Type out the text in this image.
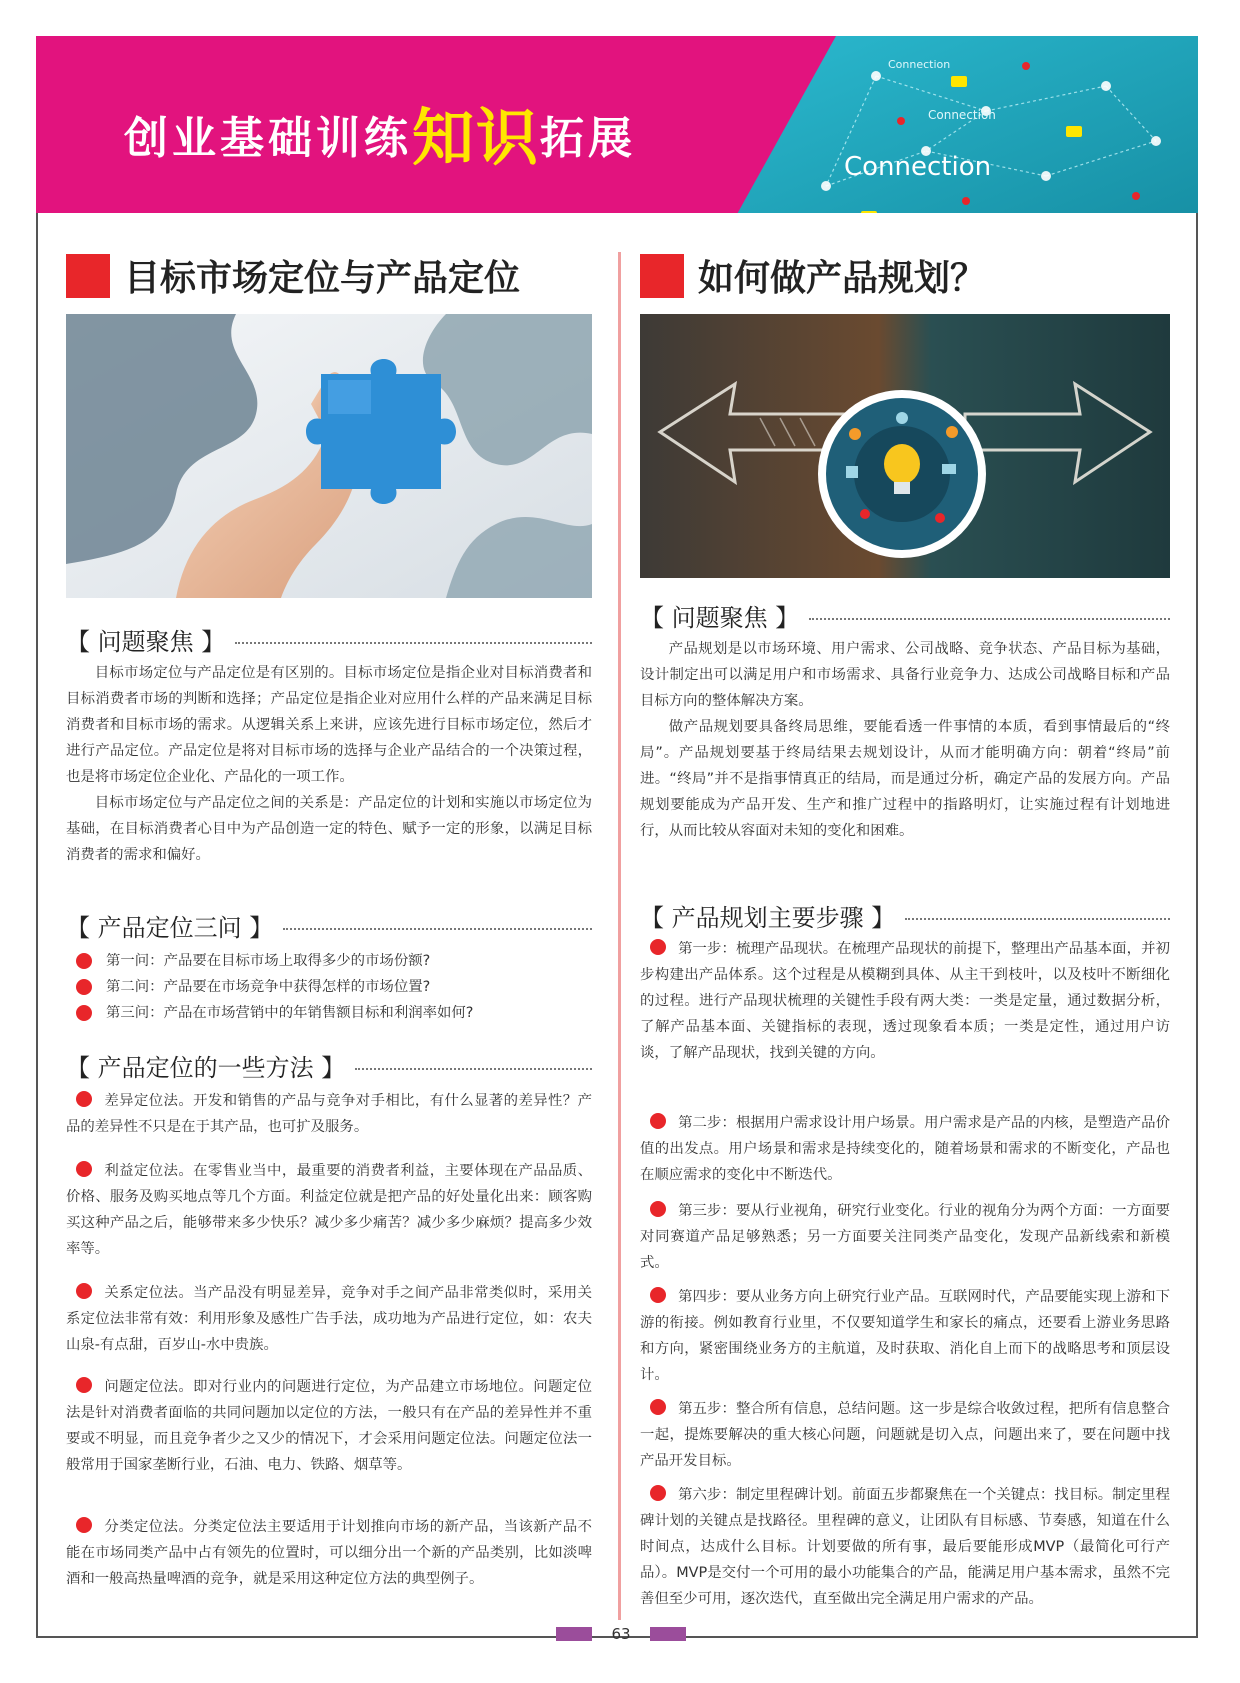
创业基础训练知识拓展
Connection
Connection
Connection
目标市场定位与产品定位
【 问题聚焦 】

目标市场定位与产品定位是有区别的。目标市场定位是指企业对目标消费者和目标消费者市场的判断和选择；产品定位是指企业对应用什么样的产品来满足目标消费者和目标市场的需求。从逻辑关系上来讲，应该先进行目标市场定位，然后才进行产品定位。产品定位是将对目标市场的选择与企业产品结合的一个决策过程，也是将市场定位企业化、产品化的一项工作。

目标市场定位与产品定位之间的关系是：产品定位的计划和实施以市场定位为基础，在目标消费者心目中为产品创造一定的特色、赋予一定的形象，以满足目标消费者的需求和偏好。

【 产品定位三问 】
第一问：产品要在目标市场上取得多少的市场份额?
第二问：产品要在市场竞争中获得怎样的市场位置?
第三问：产品在市场营销中的年销售额目标和利润率如何?
【 产品定位的一些方法 】
差异定位法。开发和销售的产品与竞争对手相比，有什么显著的差异性？产品的差异性不只是在于其产品，也可扩及服务。
利益定位法。在零售业当中，最重要的消费者利益，主要体现在产品品质、价格、服务及购买地点等几个方面。利益定位就是把产品的好处量化出来：顾客购买这种产品之后，能够带来多少快乐？减少多少痛苦？减少多少麻烦？提高多少效率等。
关系定位法。当产品没有明显差异，竞争对手之间产品非常类似时，采用关系定位法非常有效：利用形象及感性广告手法，成功地为产品进行定位，如：农夫山泉-有点甜，百岁山-水中贵族。
问题定位法。即对行业内的问题进行定位，为产品建立市场地位。问题定位法是针对消费者面临的共同问题加以定位的方法，一般只有在产品的差异性并不重要或不明显，而且竞争者少之又少的情况下，才会采用问题定位法。问题定位法一般常用于国家垄断行业，石油、电力、铁路、烟草等。
分类定位法。分类定位法主要适用于计划推向市场的新产品，当该新产品不能在市场同类产品中占有领先的位置时，可以细分出一个新的产品类别，比如淡啤酒和一般高热量啤酒的竞争，就是采用这种定位方法的典型例子。
如何做产品规划？
【 问题聚焦 】

产品规划是以市场环境、用户需求、公司战略、竞争状态、产品目标为基础，设计制定出可以满足用户和市场需求、具备行业竞争力、达成公司战略目标和产品目标方向的整体解决方案。

做产品规划要具备终局思维，要能看透一件事情的本质，看到事情最后的“终局”。产品规划要基于终局结果去规划设计，从而才能明确方向：朝着“终局”前进。“终局”并不是指事情真正的结局，而是通过分析，确定产品的发展方向。产品规划要能成为产品开发、生产和推广过程中的指路明灯，让实施过程有计划地进行，从而比较从容面对未知的变化和困难。

【 产品规划主要步骤 】
第一步：梳理产品现状。在梳理产品现状的前提下，整理出产品基本面，并初步构建出产品体系。这个过程是从模糊到具体、从主干到枝叶，以及枝叶不断细化的过程。进行产品现状梳理的关键性手段有两大类：一类是定量，通过数据分析，了解产品基本面、关键指标的表现，透过现象看本质；一类是定性，通过用户访谈，了解产品现状，找到关键的方向。
第二步：根据用户需求设计用户场景。用户需求是产品的内核，是塑造产品价值的出发点。用户场景和需求是持续变化的，随着场景和需求的不断变化，产品也在顺应需求的变化中不断迭代。
第三步：要从行业视角，研究行业变化。行业的视角分为两个方面：一方面要对同赛道产品足够熟悉；另一方面要关注同类产品变化，发现产品新线索和新模式。
第四步：要从业务方向上研究行业产品。互联网时代，产品要能实现上游和下游的衔接。例如教育行业里，不仅要知道学生和家长的痛点，还要看上游业务思路和方向，紧密围绕业务方的主航道，及时获取、消化自上而下的战略思考和顶层设计。
第五步：整合所有信息，总结问题。这一步是综合收敛过程，把所有信息整合一起，提炼要解决的重大核心问题，问题就是切入点，问题出来了，要在问题中找产品开发目标。
第六步：制定里程碑计划。前面五步都聚焦在一个关键点：找目标。制定里程碑计划的关键点是找路径。里程碑的意义，让团队有目标感、节奏感，知道在什么时间点，达成什么目标。计划要做的所有事，最后要能形成MVP（最简化可行产品）。MVP是交付一个可用的最小功能集合的产品，能满足用户基本需求，虽然不完善但至少可用，逐次迭代，直至做出完全满足用户需求的产品。
63
